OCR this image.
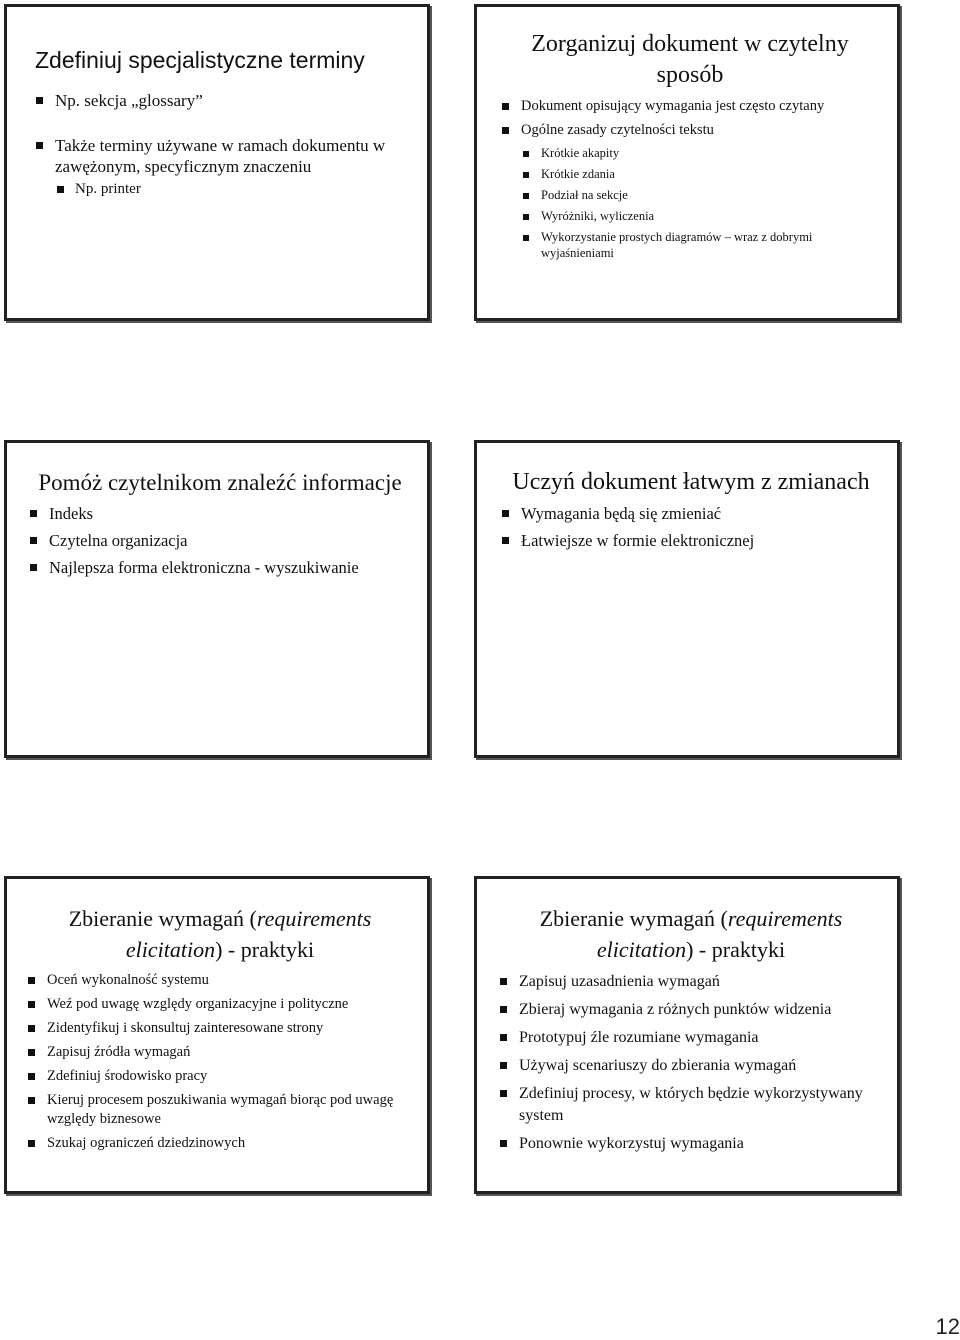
Zdefiniuj specjalistyczne terminy
Np. sekcja „glossary”
Także terminy używane w ramach dokumentu w zawężonym, specyficznym znaczeniu
Np. printer
Zorganizuj dokument w czytelny sposób
Dokument opisujący wymagania jest często czytany
Ogólne zasady czytelności tekstu
Krótkie akapity
Krótkie zdania
Podział na sekcje
Wyróżniki, wyliczenia
Wykorzystanie prostych diagramów – wraz z dobrymi wyjaśnieniami
Pomóż czytelnikom znaleźć informacje
Indeks
Czytelna organizacja
Najlepsza forma elektroniczna - wyszukiwanie
Uczyń dokument łatwym z zmianach
Wymagania będą się zmieniać
Łatwiejsze w formie elektronicznej
Zbieranie wymagań (requirements elicitation) - praktyki
Oceń wykonalność systemu
Weź pod uwagę względy organizacyjne i polityczne
Zidentyfikuj i skonsultuj zainteresowane strony
Zapisuj źródła wymagań
Zdefiniuj środowisko pracy
Kieruj procesem poszukiwania wymagań biorąc pod uwagę względy biznesowe
Szukaj ograniczeń dziedzinowych
Zbieranie wymagań (requirements elicitation) - praktyki
Zapisuj uzasadnienia wymagań
Zbieraj wymagania z różnych punktów widzenia
Prototypuj źle rozumiane wymagania
Używaj scenariuszy do zbierania wymagań
Zdefiniuj procesy, w których będzie wykorzystywany system
Ponownie wykorzystuj wymagania
12
